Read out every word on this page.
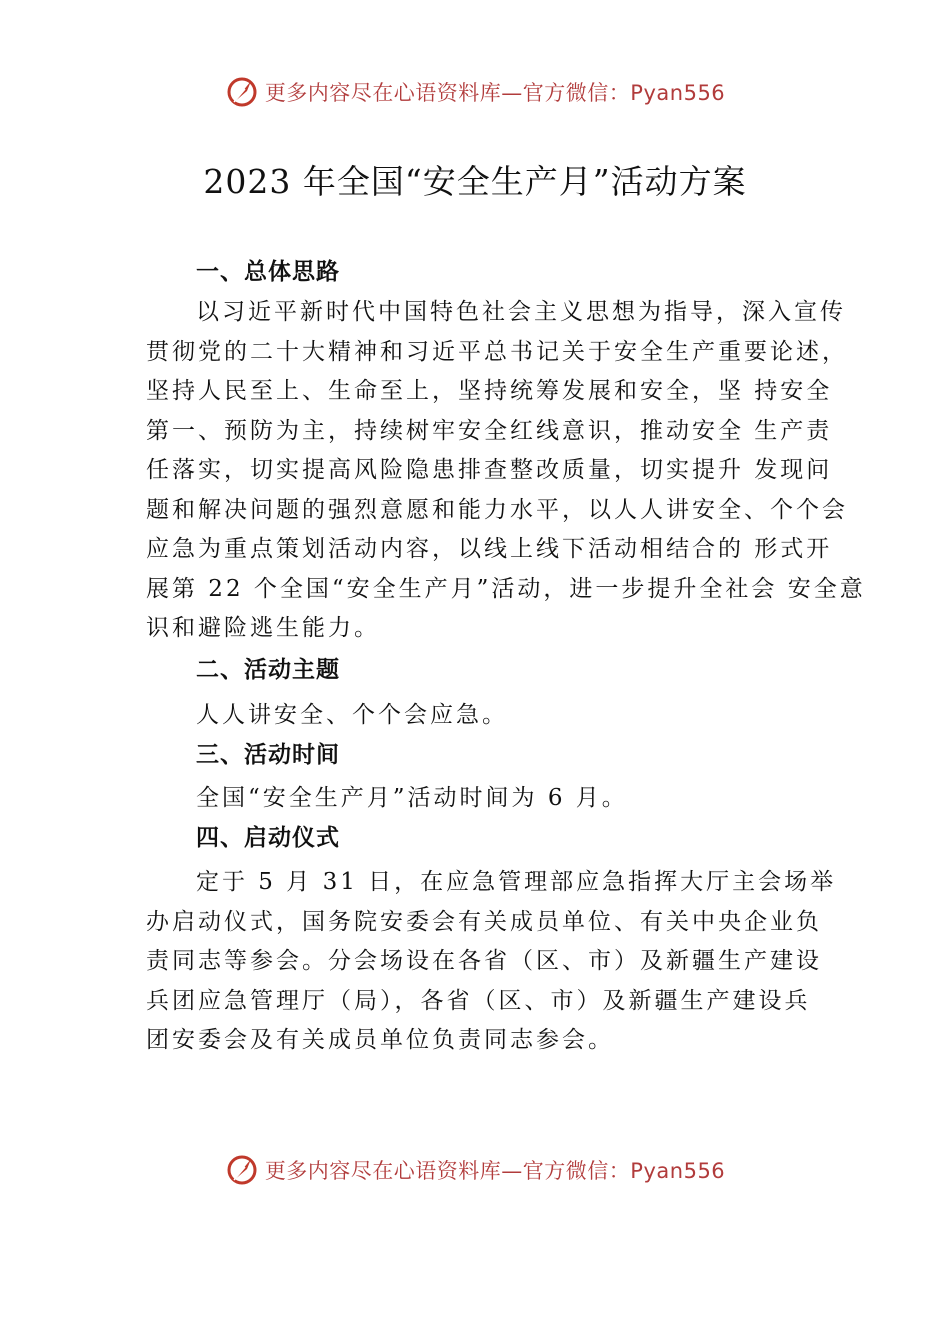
更多内容尽在心语资料库—官方微信：Pyan556
2023 年全国“安全生产月”活动方案

一、总体思路

以习近平新时代中国特色社会主义思想为指导，深入宣传

贯彻党的二十大精神和习近平总书记关于安全生产重要论述，

坚持人民至上、生命至上，坚持统筹发展和安全，坚 持安全

第一、预防为主，持续树牢安全红线意识，推动安全 生产责

任落实，切实提高风险隐患排查整改质量，切实提升 发现问

题和解决问题的强烈意愿和能力水平，以人人讲安全、个个会

应急为重点策划活动内容，以线上线下活动相结合的 形式开

展第 22 个全国“安全生产月”活动，进一步提升全社会 安全意

识和避险逃生能力。

二、活动主题

人人讲安全、个个会应急。

三、活动时间

全国“安全生产月”活动时间为 6 月。

四、启动仪式

定于 5 月 31 日，在应急管理部应急指挥大厅主会场举

办启动仪式，国务院安委会有关成员单位、有关中央企业负

责同志等参会。分会场设在各省（区、市）及新疆生产建设

兵团应急管理厅（局），各省（区、市）及新疆生产建设兵

团安委会及有关成员单位负责同志参会。

更多内容尽在心语资料库—官方微信：Pyan556
